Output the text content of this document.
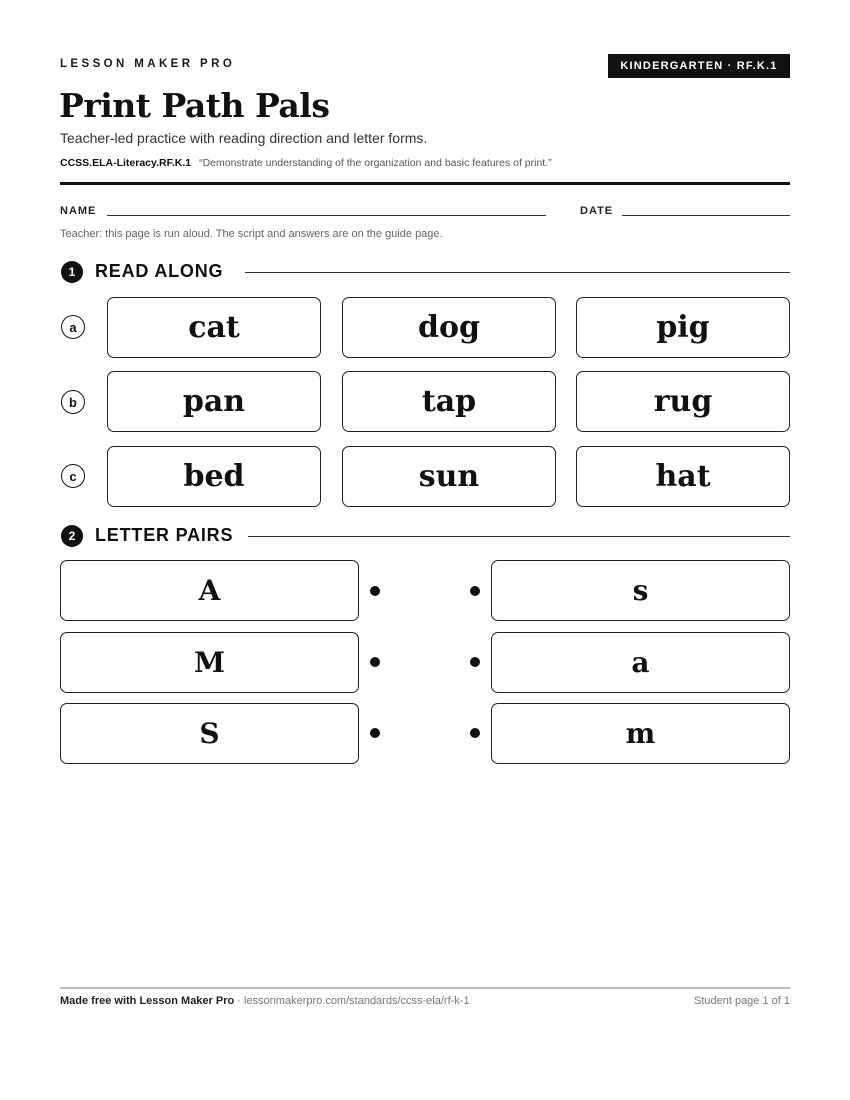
LESSON MAKER PRO	KINDERGARTEN · RF.K.1
Print Path Pals
Teacher-led practice with reading direction and letter forms.
CCSS.ELA-Literacy.RF.K.1 “Demonstrate understanding of the organization and basic features of print.”
NAME	DATE
Teacher: this page is run aloud. The script and answers are on the guide page.
1	READ ALONG
a	cat	dog	pig
b	pan	tap	rug
c	bed	sun	hat
2	LETTER PAIRS
A	s
M	a
S	m
Made free with Lesson Maker Pro · lessonmakerpro.com/standards/ccss-ela/rf-k-1	Student page 1 of 1
